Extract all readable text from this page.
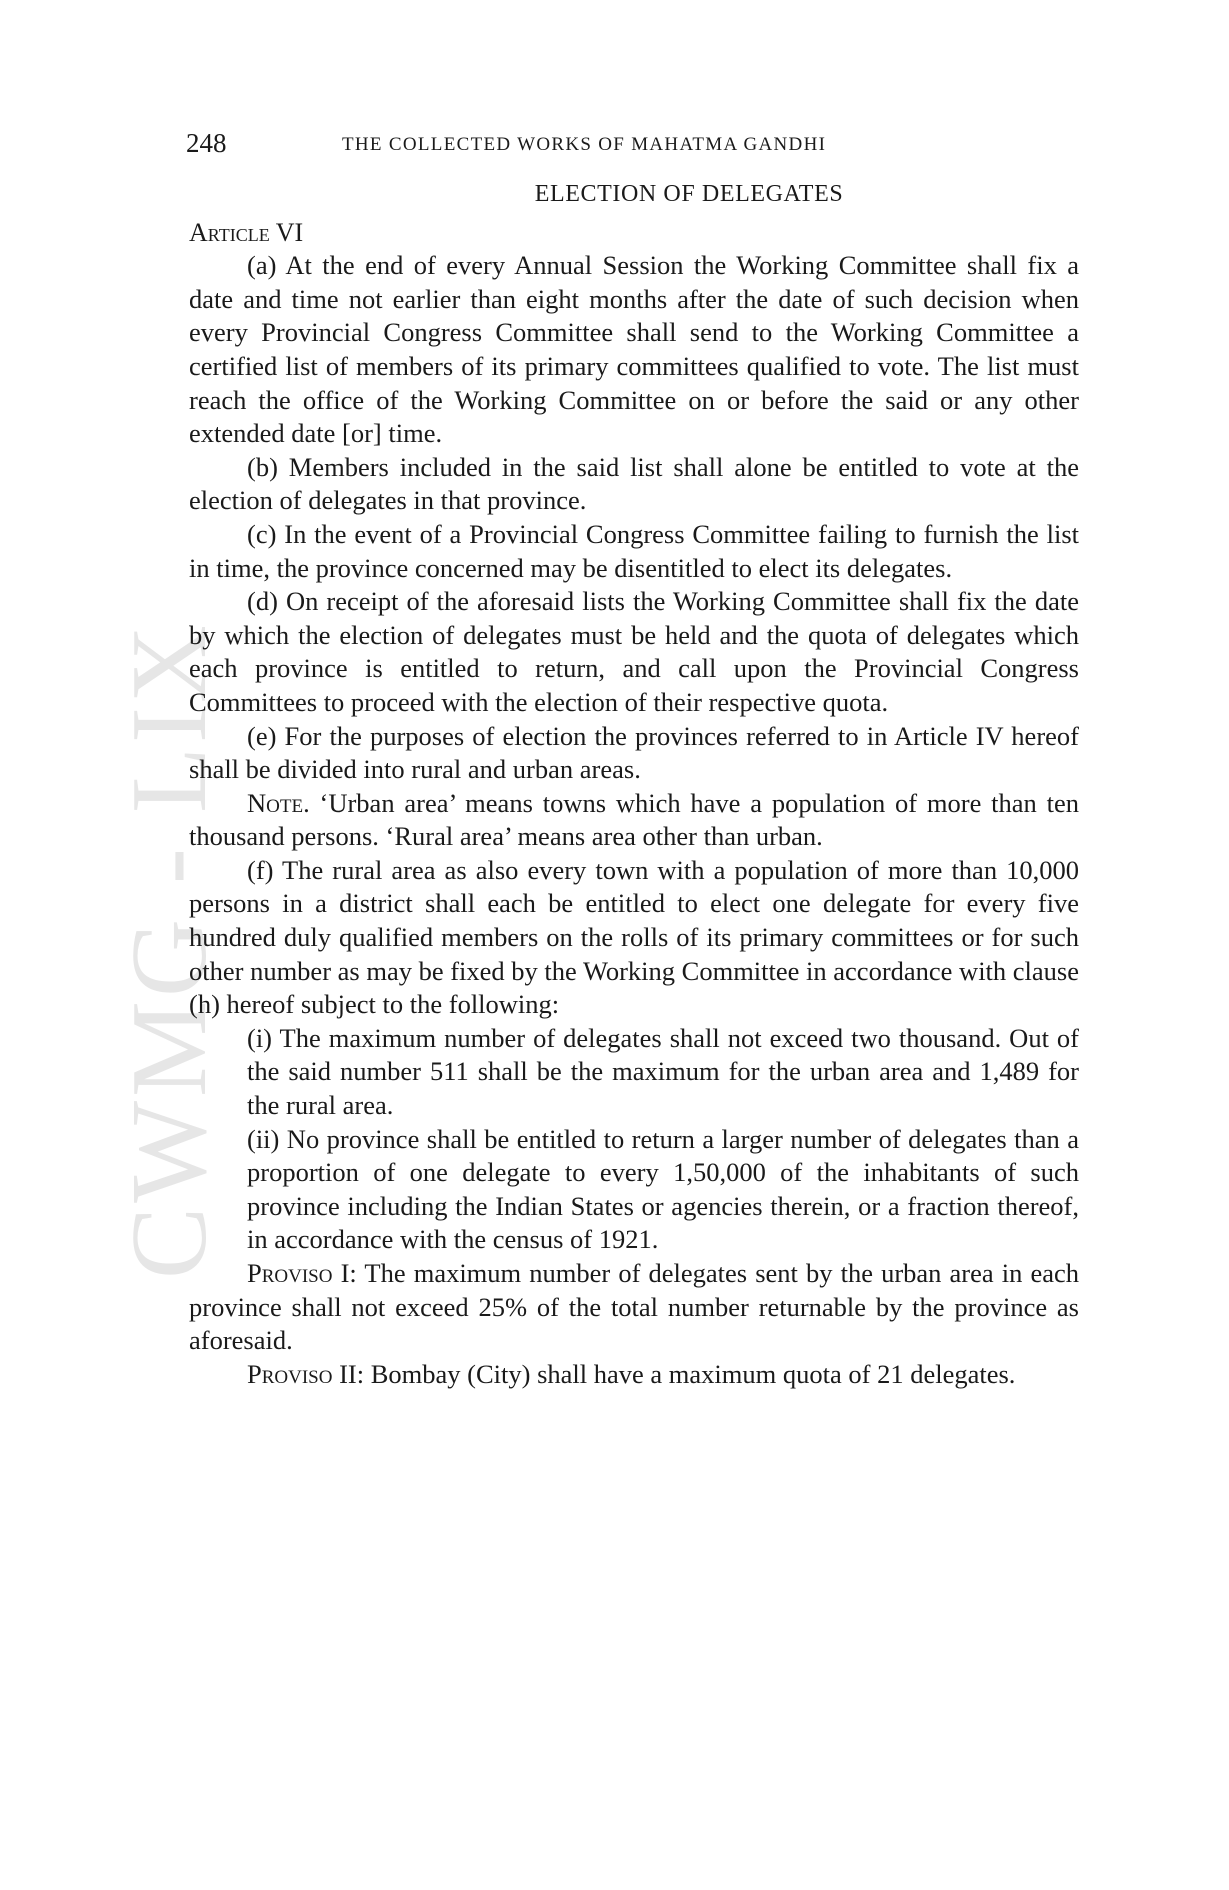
CWMG - LIX
248	THE COLLECTED WORKS OF MAHATMA GANDHI
ELECTION OF DELEGATES
Article VI

(a) At the end of every Annual Session the Working Committee shall fix a date and time not earlier than eight months after the date of such decision when every Provincial Congress Committee shall send to the Working Committee a certified list of members of its primary committees qualified to vote. The list must reach the office of the Working Committee on or before the said or any other extended date [or] time.

(b) Members included in the said list shall alone be entitled to vote at the election of delegates in that province.

(c) In the event of a Provincial Congress Committee failing to furnish the list in time, the province concerned may be disentitled to elect its delegates.

(d) On receipt of the aforesaid lists the Working Committee shall fix the date by which the election of delegates must be held and the quota of delegates which each province is entitled to return, and call upon the Provincial Congress Committees to proceed with the election of their respective quota.

(e) For the purposes of election the provinces referred to in Article IV hereof shall be divided into rural and urban areas.

Note. ‘Urban area’ means towns which have a population of more than ten thousand persons. ‘Rural area’ means area other than urban.

(f) The rural area as also every town with a population of more than 10,000 persons in a district shall each be entitled to elect one delegate for every five hundred duly qualified members on the rolls of its primary committees or for such other number as may be fixed by the Working Committee in accordance with clause (h) hereof subject to the following:

(i) The maximum number of delegates shall not exceed two thousand. Out of the said number 511 shall be the maximum for the urban area and 1,489 for the rural area.

(ii) No province shall be entitled to return a larger number of delegates than a proportion of one delegate to every 1,50,000 of the inhabitants of such province including the Indian States or agencies therein, or a fraction thereof, in accordance with the census of 1921.

Proviso I: The maximum number of delegates sent by the urban area in each province shall not exceed 25% of the total number returnable by the province as aforesaid.

Proviso II: Bombay (City) shall have a maximum quota of 21 delegates.
